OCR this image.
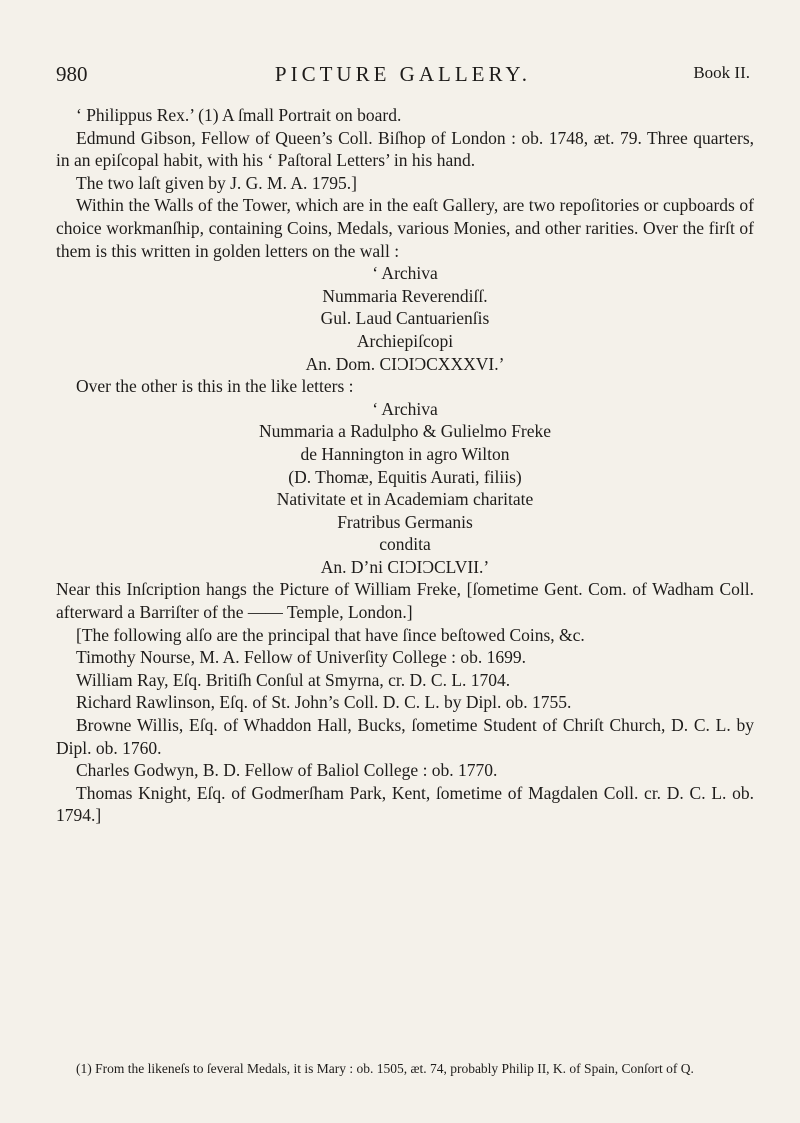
980	PICTURE GALLERY.	Book II.

‘ Philippus Rex.’ (1) A ſmall Portrait on board.

Edmund Gibson, Fellow of Queen’s Coll. Biſhop of London : ob. 1748, æt. 79. Three quarters, in an epiſcopal habit, with his ‘ Paſtoral Letters’ in his hand.

The two laſt given by J. G. M. A. 1795.]

Within the Walls of the Tower, which are in the eaſt Gallery, are two repoſitories or cupboards of choice workmanſhip, containing Coins, Medals, various Monies, and other rarities. Over the firſt of them is this written in golden letters on the wall :

‘ Archiva

Nummaria Reverendiſſ.

Gul. Laud Cantuarienſis

Archiepiſcopi

An. Dom. CIƆIƆCXXXVI.’

Over the other is this in the like letters :

‘ Archiva

Nummaria a Radulpho & Gulielmo Freke

de Hannington in agro Wilton

(D. Thomæ, Equitis Aurati, filiis)

Nativitate et in Academiam charitate

Fratribus Germanis

condita

An. D’ni CIƆIƆCLVII.’

Near this Inſcription hangs the Picture of William Freke, [ſometime Gent. Com. of Wadham Coll. afterward a Barriſter of the —— Temple, London.]

[The following alſo are the principal that have ſince beſtowed Coins, &c.

Timothy Nourse, M. A. Fellow of Univerſity College : ob. 1699.

William Ray, Eſq. Britiſh Conſul at Smyrna, cr. D. C. L. 1704.

Richard Rawlinson, Eſq. of St. John’s Coll. D. C. L. by Dipl. ob. 1755.

Browne Willis, Eſq. of Whaddon Hall, Bucks, ſometime Student of Chriſt Church, D. C. L. by Dipl. ob. 1760.

Charles Godwyn, B. D. Fellow of Baliol College : ob. 1770.

Thomas Knight, Eſq. of Godmerſham Park, Kent, ſometime of Magdalen Coll. cr. D. C. L. ob. 1794.]

(1) From the likeneſs to ſeveral Medals, it is Mary : ob. 1505, æt. 74, probably Philip II, K. of Spain, Conſort of Q.
